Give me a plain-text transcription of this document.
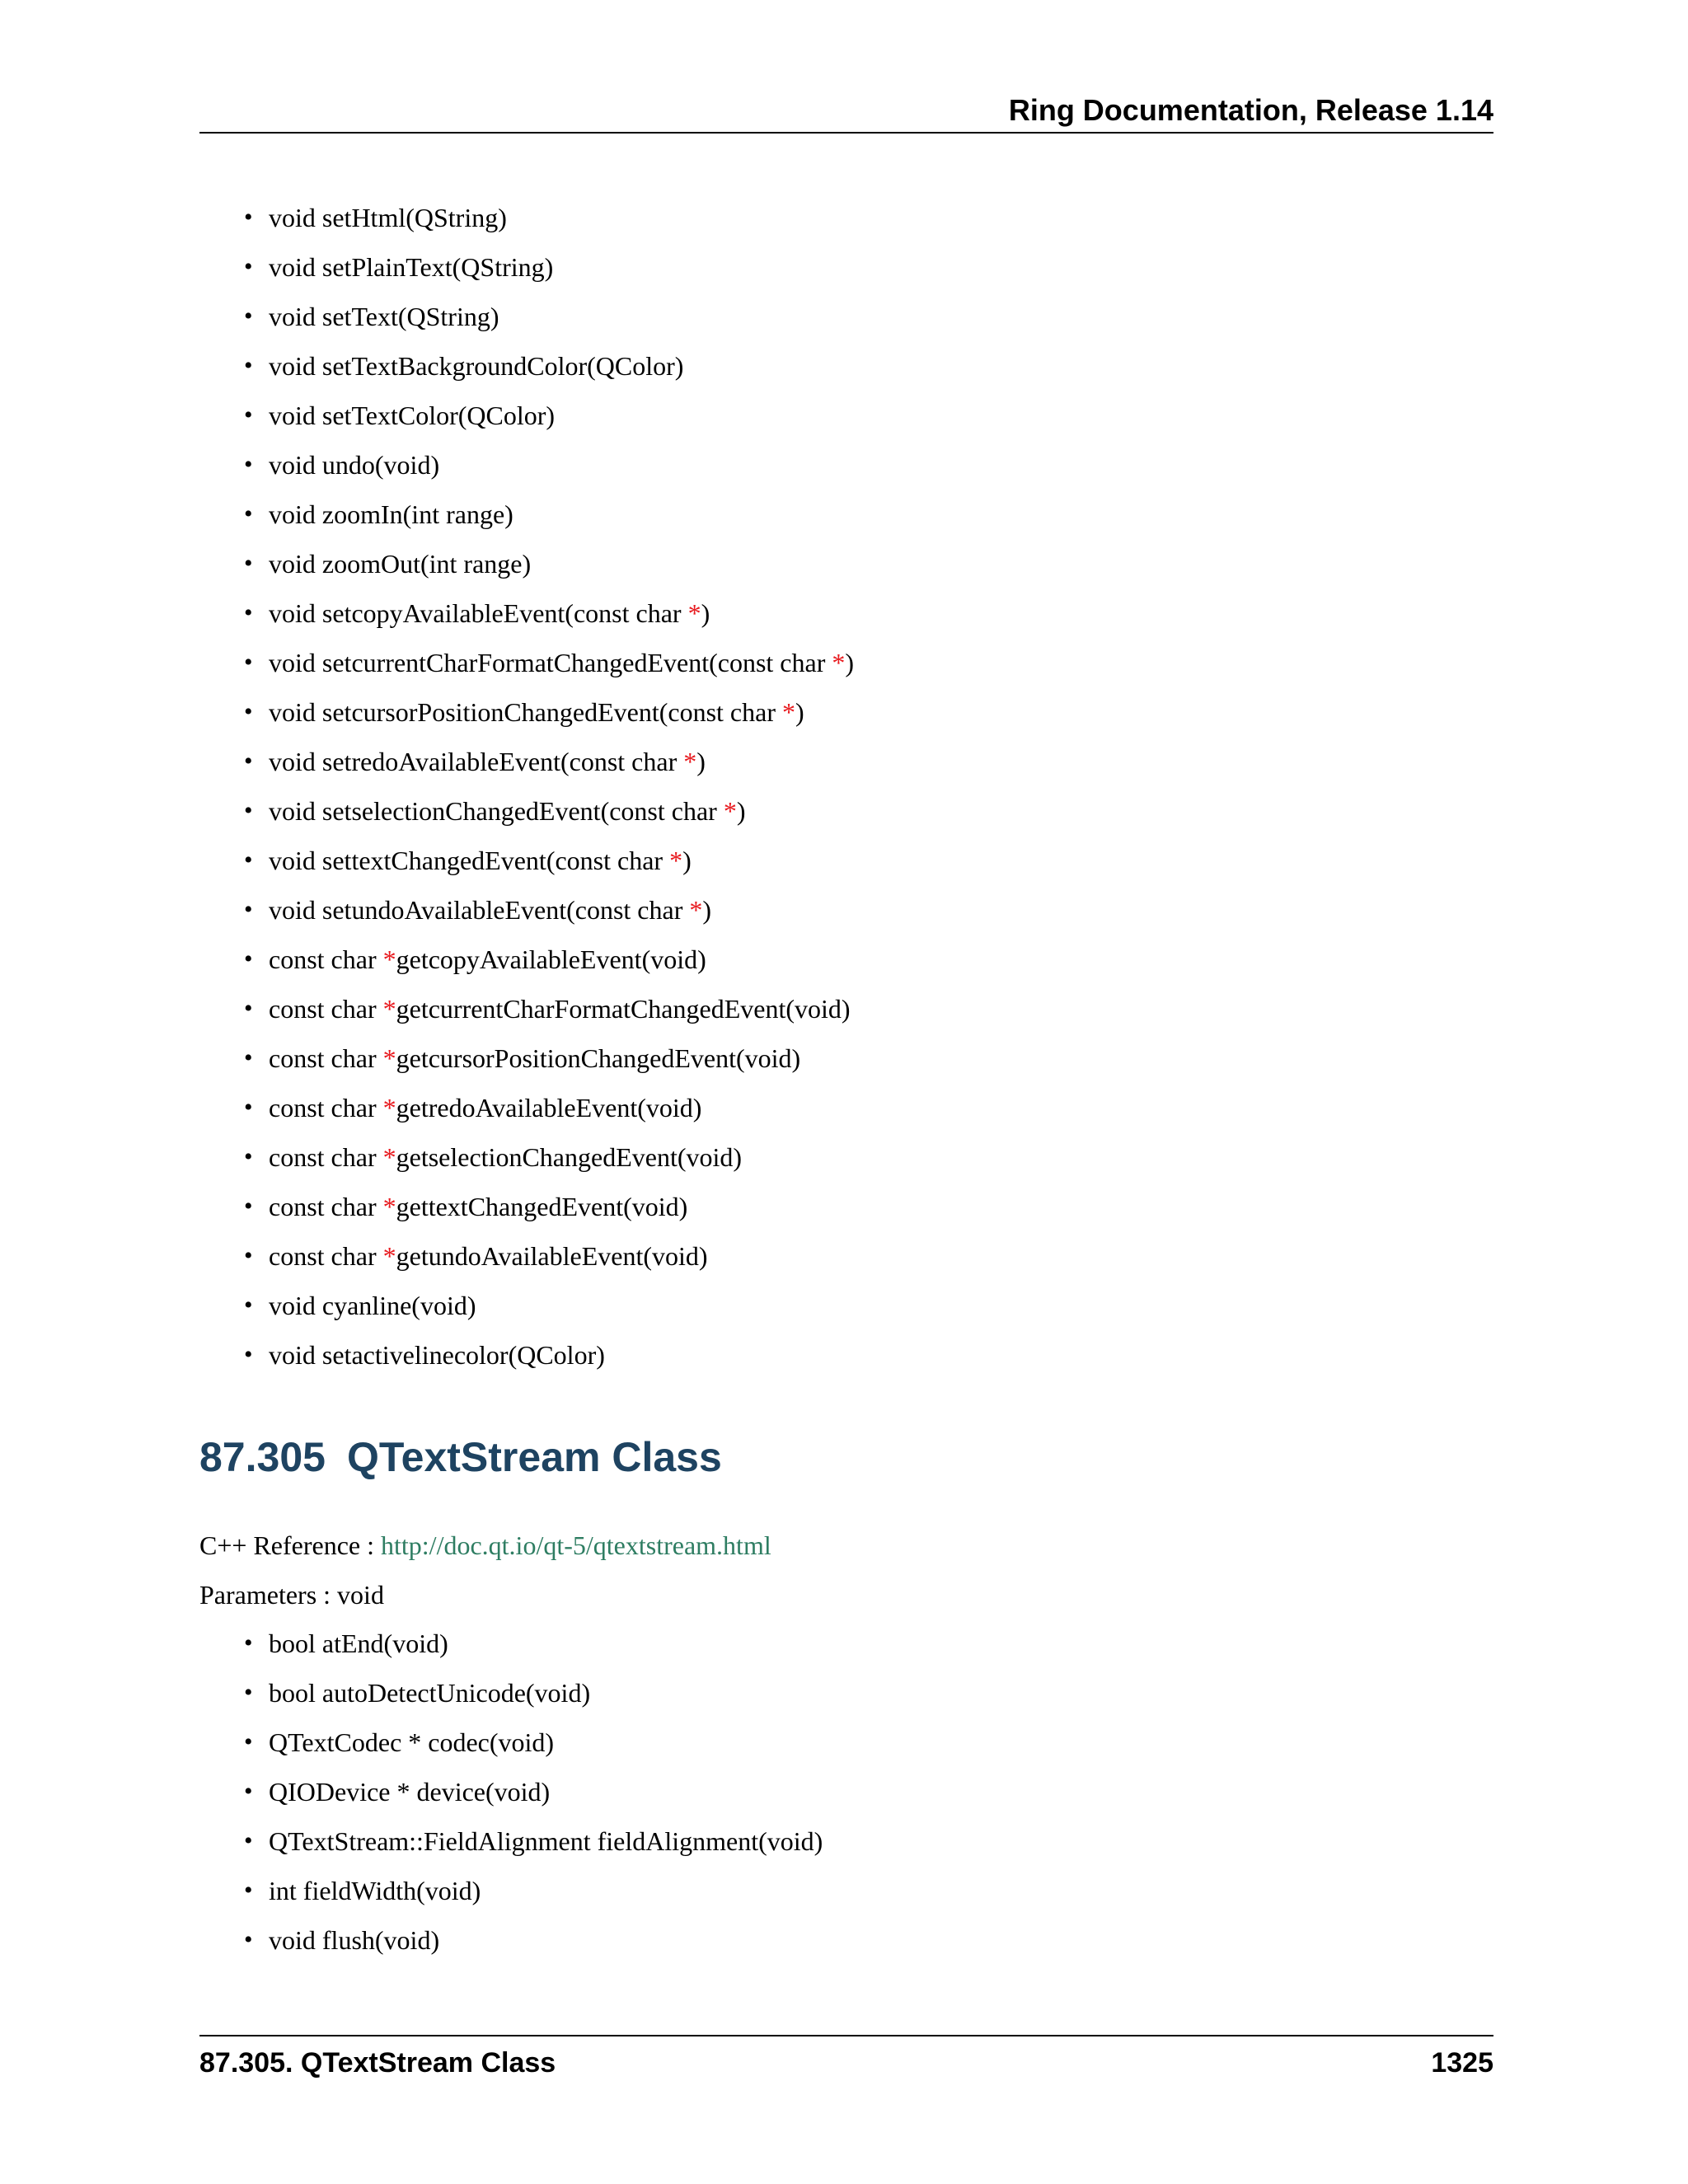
Ring Documentation, Release 1.14
• void setHtml(QString)
• void setPlainText(QString)
• void setText(QString)
• void setTextBackgroundColor(QColor)
• void setTextColor(QColor)
• void undo(void)
• void zoomIn(int range)
• void zoomOut(int range)
• void setcopyAvailableEvent(const char *)
• void setcurrentCharFormatChangedEvent(const char *)
• void setcursorPositionChangedEvent(const char *)
• void setredoAvailableEvent(const char *)
• void setselectionChangedEvent(const char *)
• void settextChangedEvent(const char *)
• void setundoAvailableEvent(const char *)
• const char *getcopyAvailableEvent(void)
• const char *getcurrentCharFormatChangedEvent(void)
• const char *getcursorPositionChangedEvent(void)
• const char *getredoAvailableEvent(void)
• const char *getselectionChangedEvent(void)
• const char *gettextChangedEvent(void)
• const char *getundoAvailableEvent(void)
• void cyanline(void)
• void setactivelinecolor(QColor)
87.305 QTextStream Class
C++ Reference : http://doc.qt.io/qt-5/qtextstream.html
Parameters : void
• bool atEnd(void)
• bool autoDetectUnicode(void)
• QTextCodec * codec(void)
• QIODevice * device(void)
• QTextStream::FieldAlignment fieldAlignment(void)
• int fieldWidth(void)
• void flush(void)
87.305. QTextStream Class	1325
